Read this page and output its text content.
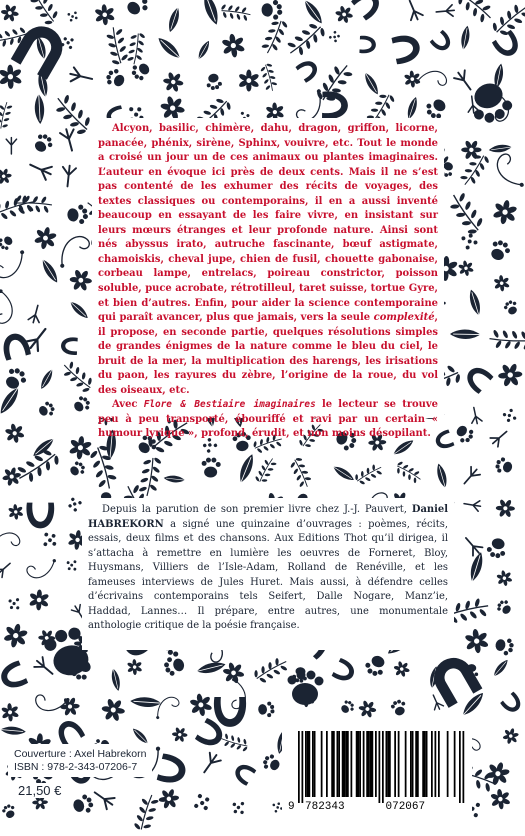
Alcyon, basilic, chimère, dahu, dragon, griffon, licorne, panacée, phénix, sirène, Sphinx, vouivre, etc. Tout le monde a croisé un jour un de ces animaux ou plantes imaginaires. L’auteur en évoque ici près de deux cents. Mais il ne s’est pas contenté de les exhumer des récits de voyages, des textes classiques ou contemporains, il en a aussi inventé beaucoup en essayant de les faire vivre, en insistant sur leurs mœurs étranges et leur profonde nature. Ainsi sont nés abyssus irato, autruche fascinante, bœuf astigmate, chamoiskis, cheval jupe, chien de fusil, chouette gabonaise, corbeau lampe, entrelacs, poireau constrictor, poisson soluble, puce acrobate, rétrotilleul, taret suisse, tortue Gyre, et bien d’autres. Enfin, pour aider la science contemporaine qui paraît avancer, plus que jamais, vers la seule complexité, il propose, en seconde partie, quelques résolutions simples de grandes énigmes de la nature comme le bleu du ciel, le bruit de la mer, la multiplication des harengs, les irisations du paon, les rayures du zèbre, l’origine de la roue, du vol des oiseaux, etc.
Avec Flore & Bestiaire imaginaires le lecteur se trouve peu à peu transporté, ébouriffé et ravi par un certain « humour lyrique », profond, érudit, et non moins désopilant.
Depuis la parution de son premier livre chez J.-J. Pauvert, Daniel HABREKORN a signé une quinzaine d’ouvrages : poèmes, récits, essais, deux films et des chansons. Aux Editions Thot qu’il dirigea, il s’attacha à remettre en lumière les oeuvres de Forneret, Bloy, Huysmans, Villiers de l’Isle-Adam, Rolland de Renéville, et les fameuses interviews de Jules Huret. Mais aussi, à défendre celles d’écrivains contemporains tels Seifert, Dalle Nogare, Manz’ie, Haddad, Lannes… Il prépare, entre autres, une monumentale anthologie critique de la poésie française.
Couverture : Axel Habrekorn
ISBN : 978-2-343-07206-7
21,50 €
9 782343	072067
